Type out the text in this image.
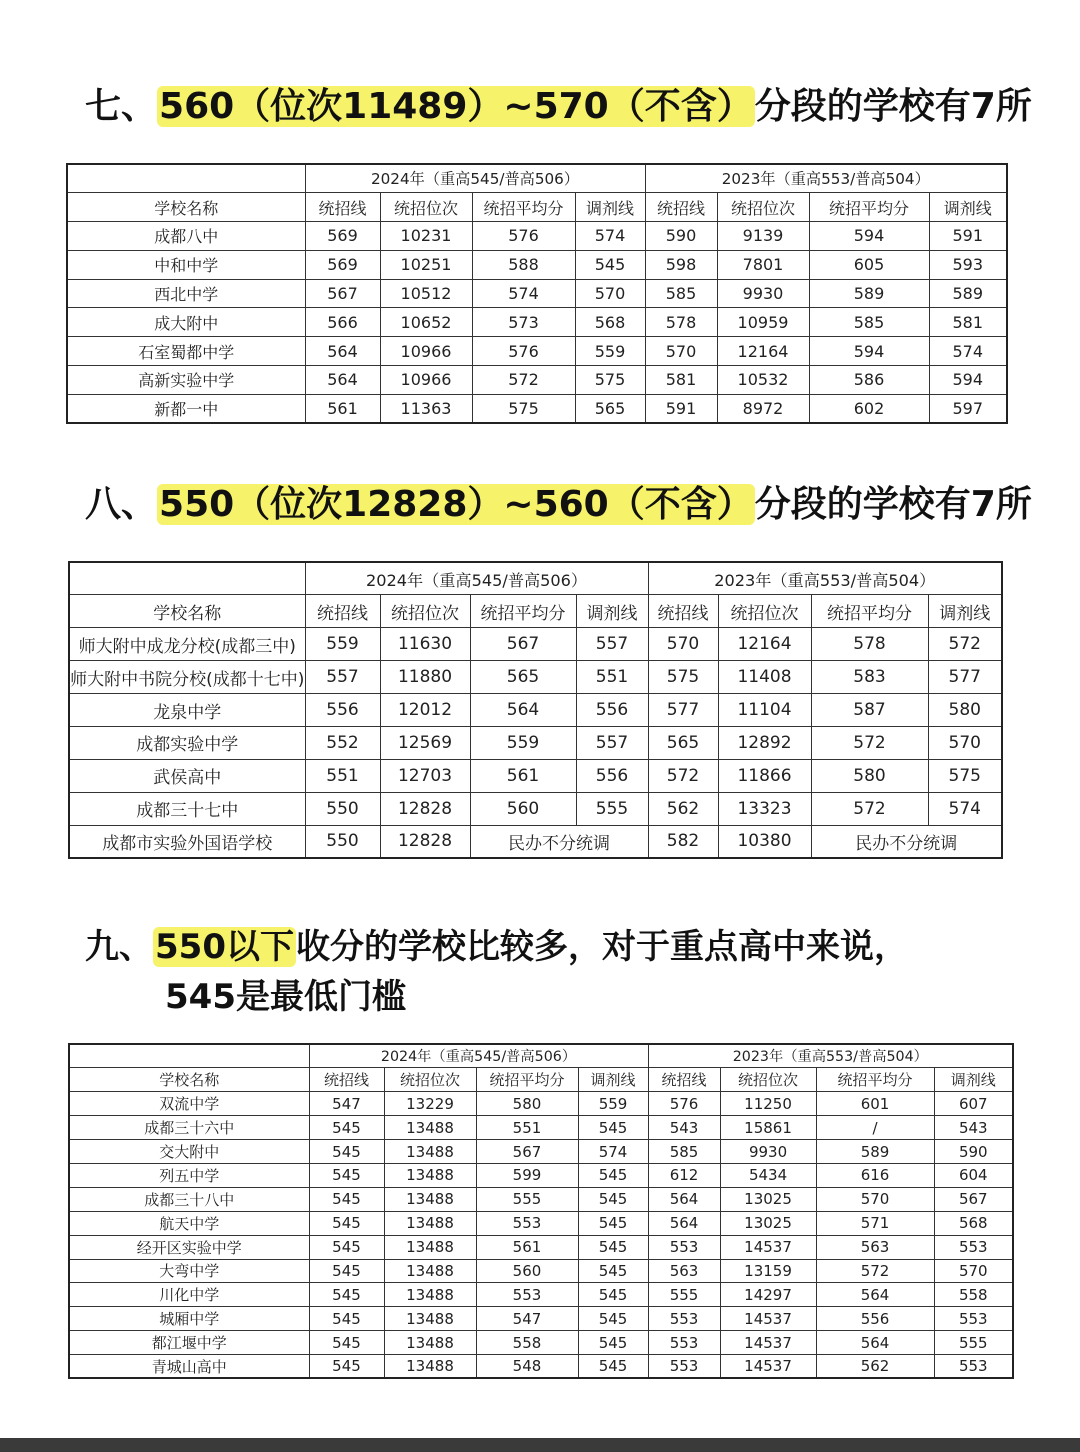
七、560（位次11489）~570（不含）分段的学校有7所
	2024年（重高545/普高506）				2023年（重高553/普高504）			
学校名称	统招线	统招位次	统招平均分	调剂线	统招线	统招位次	统招平均分	调剂线
成都八中	569	10231	576	574	590	9139	594	591
中和中学	569	10251	588	545	598	7801	605	593
西北中学	567	10512	574	570	585	9930	589	589
成大附中	566	10652	573	568	578	10959	585	581
石室蜀都中学	564	10966	576	559	570	12164	594	574
高新实验中学	564	10966	572	575	581	10532	586	594
新都一中	561	11363	575	565	591	8972	602	597
八、550（位次12828）~560（不含）分段的学校有7所
	2024年（重高545/普高506）				2023年（重高553/普高504）			
学校名称	统招线	统招位次	统招平均分	调剂线	统招线	统招位次	统招平均分	调剂线
师大附中成龙分校(成都三中)	559	11630	567	557	570	12164	578	572
师大附中书院分校(成都十七中)	557	11880	565	551	575	11408	583	577
龙泉中学	556	12012	564	556	577	11104	587	580
成都实验中学	552	12569	559	557	565	12892	572	570
武侯高中	551	12703	561	556	572	11866	580	575
成都三十七中	550	12828	560	555	562	13323	572	574
成都市实验外国语学校	550	12828	民办不分统调		582	10380	民办不分统调	
九、550以下收分的学校比较多，对于重点高中来说，
545是最低门槛
	2024年（重高545/普高506）				2023年（重高553/普高504）			
学校名称	统招线	统招位次	统招平均分	调剂线	统招线	统招位次	统招平均分	调剂线
双流中学	547	13229	580	559	576	11250	601	607
成都三十六中	545	13488	551	545	543	15861	/	543
交大附中	545	13488	567	574	585	9930	589	590
列五中学	545	13488	599	545	612	5434	616	604
成都三十八中	545	13488	555	545	564	13025	570	567
航天中学	545	13488	553	545	564	13025	571	568
经开区实验中学	545	13488	561	545	553	14537	563	553
大弯中学	545	13488	560	545	563	13159	572	570
川化中学	545	13488	553	545	555	14297	564	558
城厢中学	545	13488	547	545	553	14537	556	553
都江堰中学	545	13488	558	545	553	14537	564	555
青城山高中	545	13488	548	545	553	14537	562	553
